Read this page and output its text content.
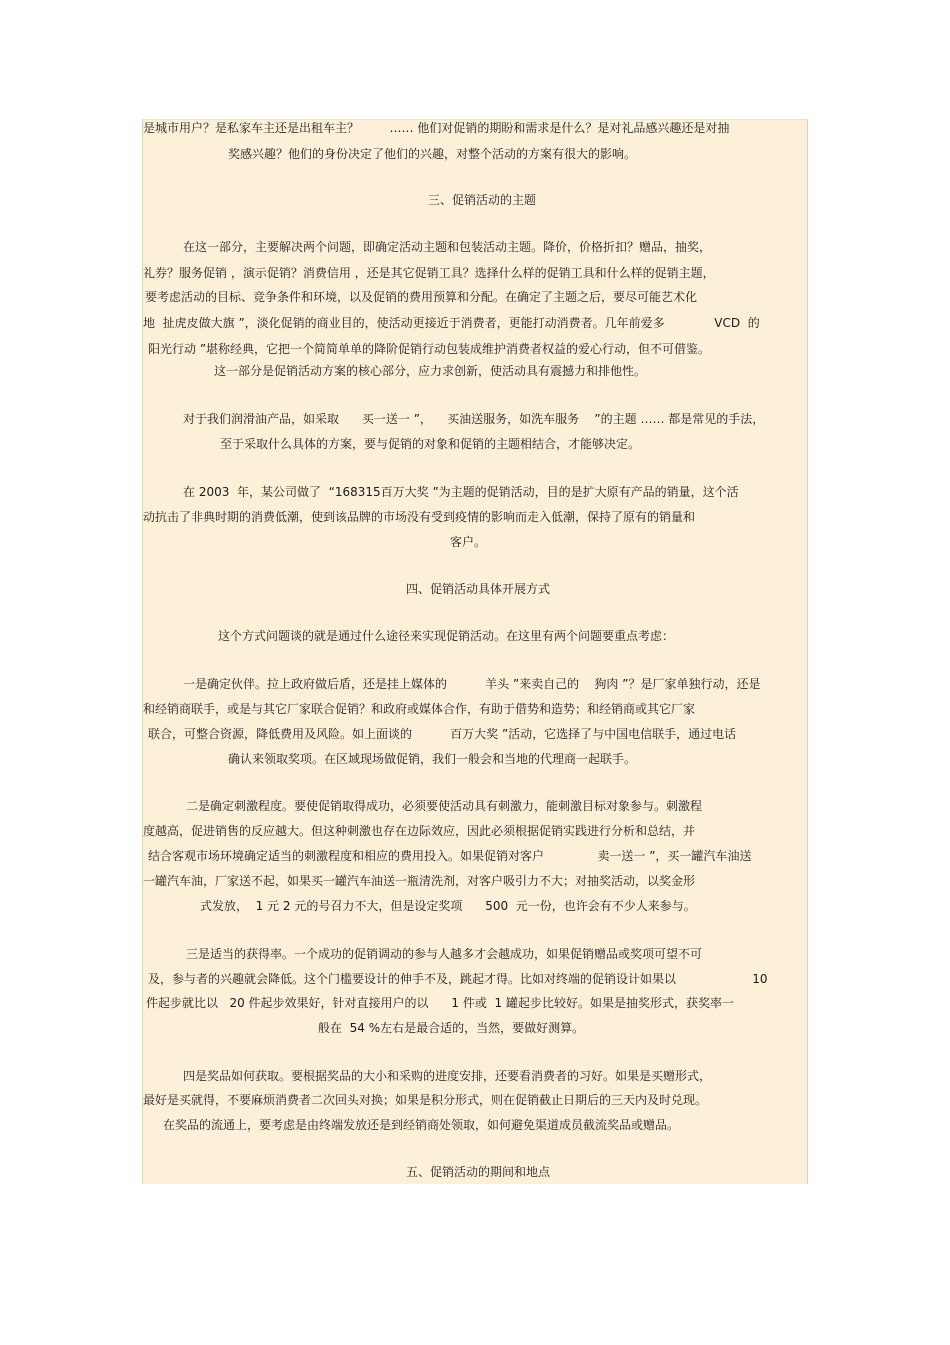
是城市用户？是私家车主还是出租车主？        …… 他们对促销的期盼和需求是什么？是对礼品感兴趣还是对抽
奖感兴趣？他们的身份决定了他们的兴趣，对整个活动的方案有很大的影响。
三、促销活动的主题
在这一部分，主要解决两个问题，即确定活动主题和包装活动主题。降价，价格折扣？赠品，抽奖，
礼券？服务促销 ，演示促销？消费信用 ，还是其它促销工具？选择什么样的促销工具和什么样的促销主题，
要考虑活动的目标、竞争条件和环境，以及促销的费用预算和分配。在确定了主题之后，要尽可能艺术化
地  扯虎皮做大旗 ”，淡化促销的商业目的，使活动更接近于消费者，更能打动消费者。几年前爱多             VCD  的
阳光行动 ”堪称经典，它把一个简简单单的降阶促销行动包装成维护消费者权益的爱心行动，但不可借鉴。
这一部分是促销活动方案的核心部分，应力求创新，使活动具有震撼力和排他性。
对于我们润滑油产品，如采取      买一送一 ”，    买油送服务，如洗车服务    ”的主题 …… 都是常见的手法，
至于采取什么具体的方案，要与促销的对象和促销的主题相结合，才能够决定。
在 2003  年，某公司做了  “168315百万大奖 ”为主题的促销活动，目的是扩大原有产品的销量，这个活
动抗击了非典时期的消费低潮，使到该品牌的市场没有受到疫情的影响而走入低潮，保持了原有的销量和
客户。
四、促销活动具体开展方式
这个方式问题谈的就是通过什么途径来实现促销活动。在这里有两个问题要重点考虑：
一是确定伙伴。拉上政府做后盾，还是挂上媒体的          羊头 ”来卖自己的    狗肉 ”？是厂家单独行动，还是
和经销商联手，或是与其它厂家联合促销？和政府或媒体合作，有助于借势和造势；和经销商或其它厂家
联合，可整合资源，降低费用及风险。如上面谈的          百万大奖 ”活动，它选择了与中国电信联手，通过电话
确认来领取奖项。在区域现场做促销，我们一般会和当地的代理商一起联手。
二是确定刺激程度。要使促销取得成功，必须要使活动具有刺激力，能刺激目标对象参与。刺激程
度越高，促进销售的反应越大。但这种刺激也存在边际效应，因此必须根据促销实践进行分析和总结，并
结合客观市场环境确定适当的刺激程度和相应的费用投入。如果促销对客户              卖一送一 ”，买一罐汽车油送
一罐汽车油，厂家送不起，如果买一罐汽车油送一瓶清洗剂，对客户吸引力不大；对抽奖活动，以奖金形
式发放，  1 元 2 元的号召力不大，但是设定奖项      500  元一份，也许会有不少人来参与。
三是适当的获得率。一个成功的促销调动的参与人越多才会越成功，如果促销赠品或奖项可望不可
及，参与者的兴趣就会降低。这个门槛要设计的伸手不及，跳起才得。比如对终端的促销设计如果以                    10
件起步就比以   20 件起步效果好，针对直接用户的以      1 件或  1 罐起步比较好。如果是抽奖形式，获奖率一
般在  54 %左右是最合适的，当然，要做好测算。
四是奖品如何获取。要根据奖品的大小和采购的进度安排，还要看消费者的习好。如果是买赠形式，
最好是买就得，不要麻烦消费者二次回头对换；如果是积分形式，则在促销截止日期后的三天内及时兑现。
在奖品的流通上，要考虑是由终端发放还是到经销商处领取，如何避免渠道成员截流奖品或赠品。
五、促销活动的期间和地点
